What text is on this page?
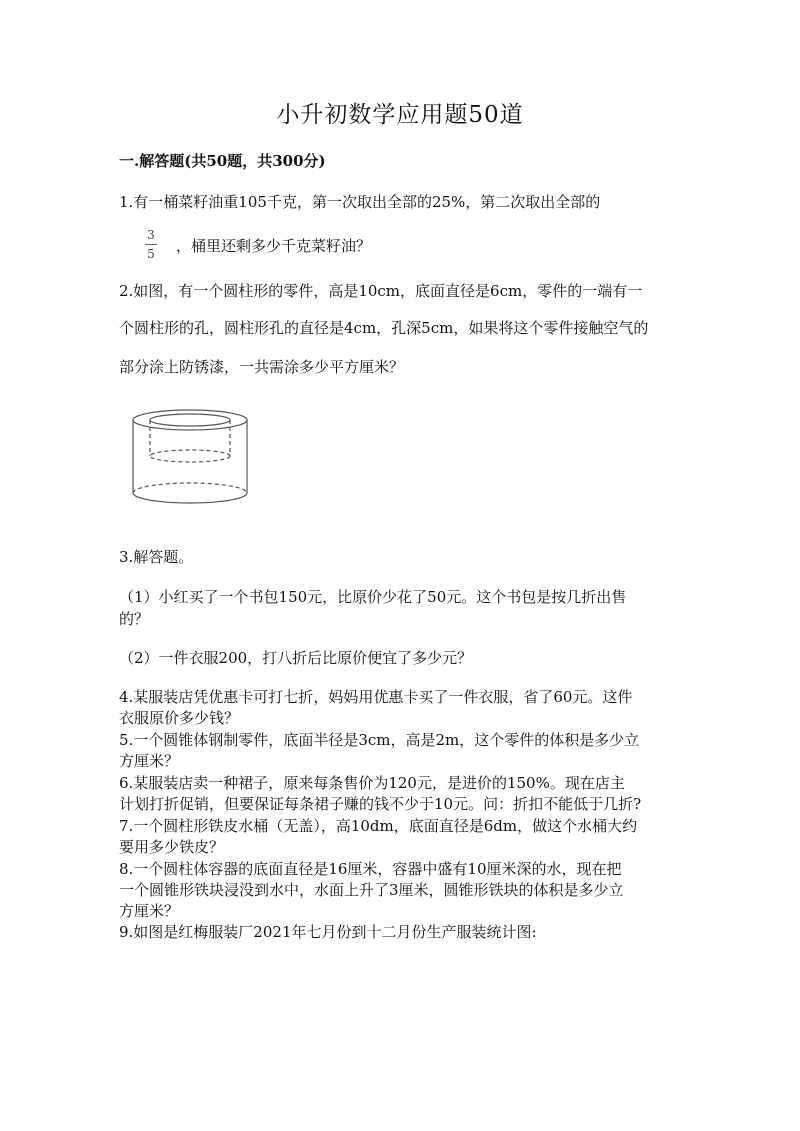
小升初数学应用题50道
一.解答题(共50题，共300分)
1.有一桶菜籽油重105千克，第一次取出全部的25%，第二次取出全部的
3
5	，桶里还剩多少千克菜籽油？
2.如图，有一个圆柱形的零件，高是10cm，底面直径是6cm，零件的一端有一
个圆柱形的孔，圆柱形孔的直径是4cm，孔深5cm，如果将这个零件接触空气的
部分涂上防锈漆，一共需涂多少平方厘米？
3.解答题。
（1）小红买了一个书包150元，比原价少花了50元。这个书包是按几折出售
的？
（2）一件衣服200，打八折后比原价便宜了多少元？
4.某服装店凭优惠卡可打七折，妈妈用优惠卡买了一件衣服，省了60元。这件
衣服原价多少钱？
5.一个圆锥体钢制零件，底面半径是3cm，高是2m，这个零件的体积是多少立
方厘米？
6.某服装店卖一种裙子，原来每条售价为120元，是进价的150%。现在店主
计划打折促销，但要保证每条裙子赚的钱不少于10元。问：折扣不能低于几折?
7.一个圆柱形铁皮水桶（无盖），高10dm，底面直径是6dm，做这个水桶大约
要用多少铁皮？
8.一个圆柱体容器的底面直径是16厘米，容器中盛有10厘米深的水，现在把
一个圆锥形铁块浸没到水中，水面上升了3厘米，圆锥形铁块的体积是多少立
方厘米？
9.如图是红梅服装厂2021年七月份到十二月份生产服装统计图:
